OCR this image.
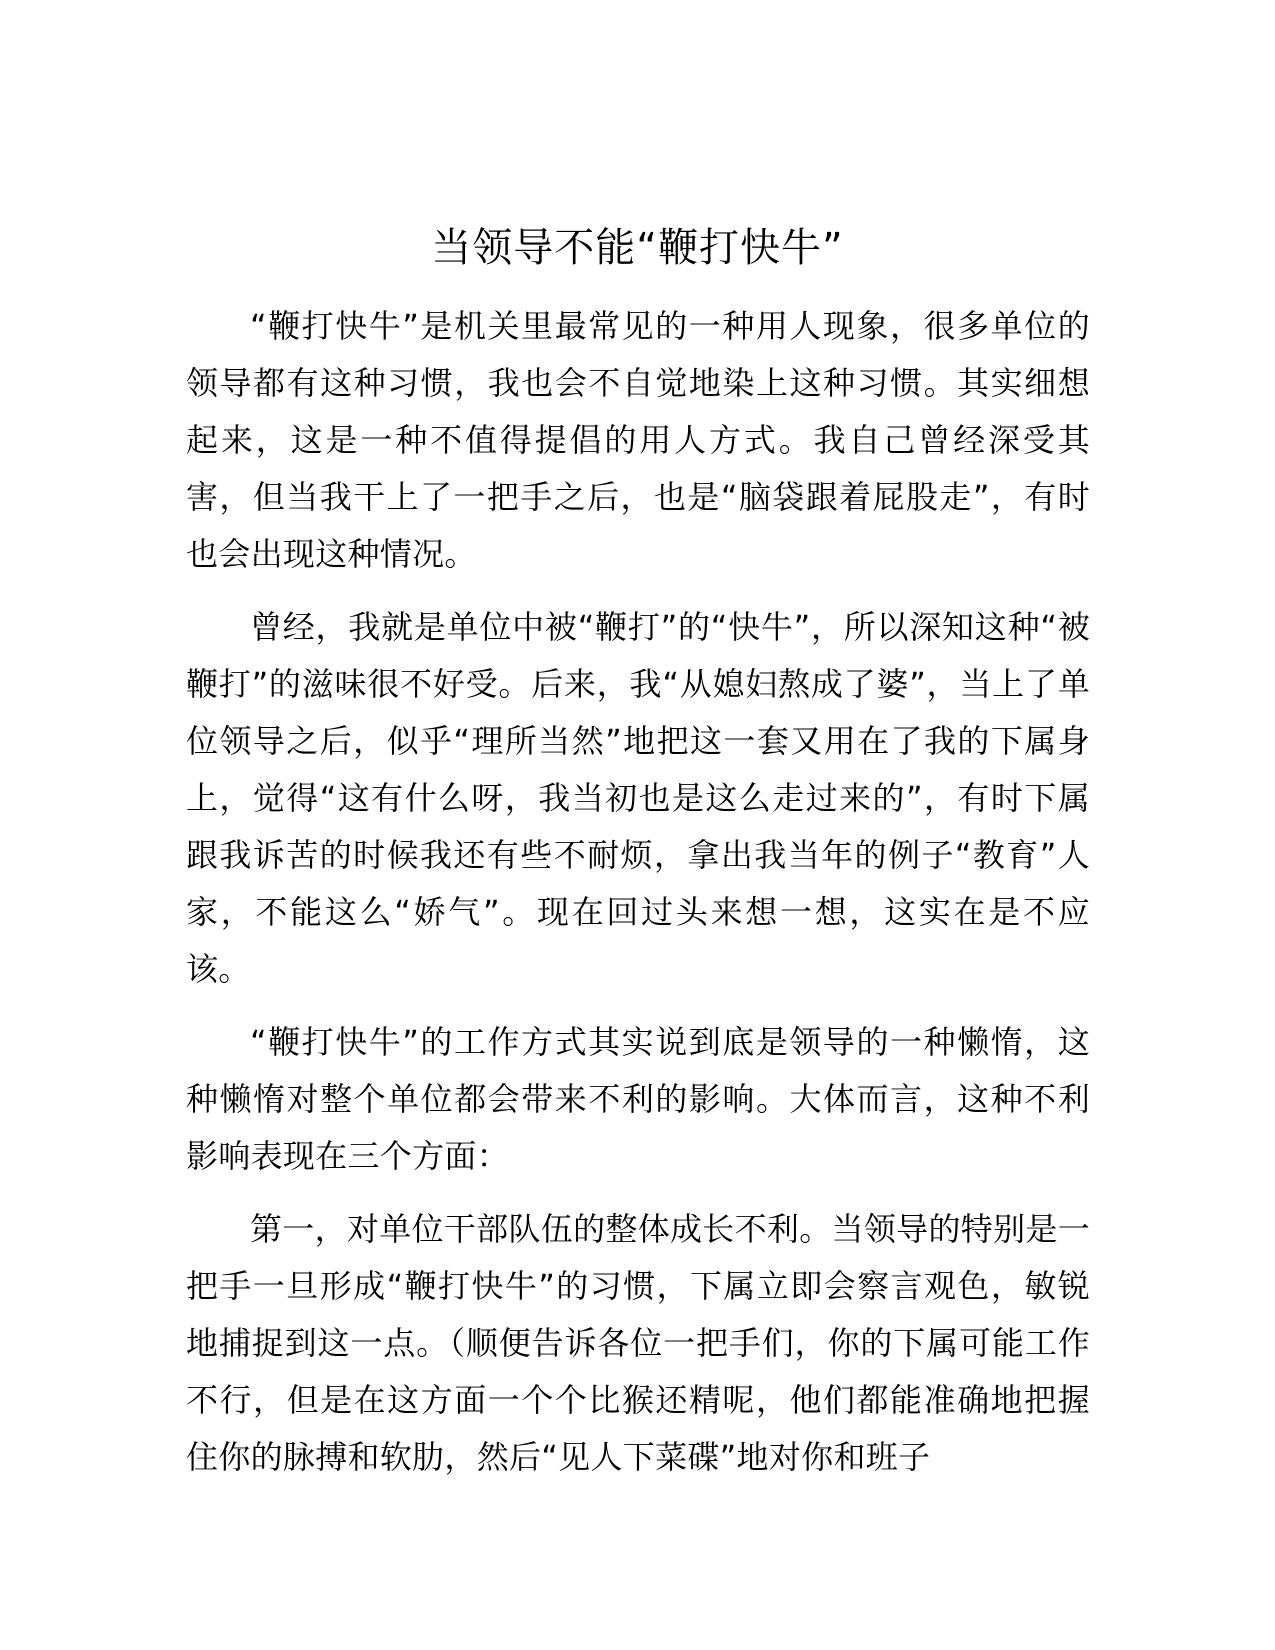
当领导不能“鞭打快牛”

“鞭打快牛”是机关里最常见的一种用人现象，很多单位的领导都有这种习惯，我也会不自觉地染上这种习惯。其实细想起来，这是一种不值得提倡的用人方式。我自己曾经深受其害，但当我干上了一把手之后，也是“脑袋跟着屁股走”，有时也会出现这种情况。

曾经，我就是单位中被“鞭打”的“快牛”，所以深知这种“被鞭打”的滋味很不好受。后来，我“从媳妇熬成了婆”，当上了单位领导之后，似乎“理所当然”地把这一套又用在了我的下属身上，觉得“这有什么呀，我当初也是这么走过来的”，有时下属跟我诉苦的时候我还有些不耐烦，拿出我当年的例子“教育”人家，不能这么“娇气”。现在回过头来想一想，这实在是不应该。

“鞭打快牛”的工作方式其实说到底是领导的一种懒惰，这种懒惰对整个单位都会带来不利的影响。大体而言，这种不利影响表现在三个方面：

第一，对单位干部队伍的整体成长不利。当领导的特别是一把手一旦形成“鞭打快牛”的习惯，下属立即会察言观色，敏锐地捕捉到这一点。（顺便告诉各位一把手们，你的下属可能工作不行，但是在这方面一个个比猴还精呢，他们都能准确地把握住你的脉搏和软肋，然后“见人下菜碟”地对你和班子
